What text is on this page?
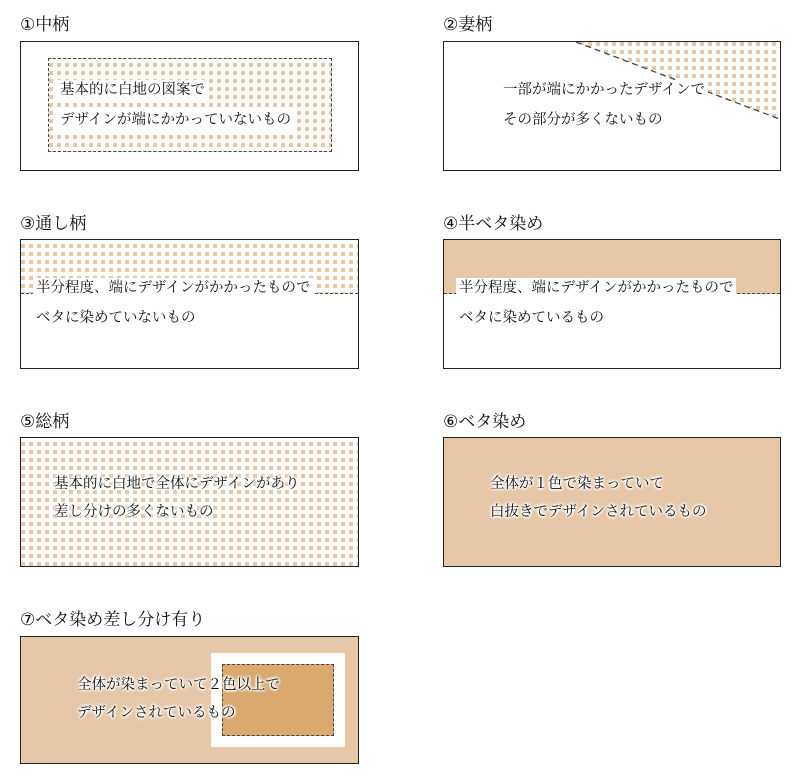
①中柄
基本的に白地の図案で
デザインが端にかかっていないもの
②妻柄
一部が端にかかったデザインで
その部分が多くないもの
③通し柄
半分程度、端にデザインがかかったもので
ベタに染めていないもの
④半ベタ染め
半分程度、端にデザインがかかったもので
ベタに染めているもの
⑤総柄
基本的に白地で全体にデザインがあり
差し分けの多くないもの
⑥ベタ染め
全体が１色で染まっていて
白抜きでデザインされているもの
⑦ベタ染め差し分け有り
全体が染まっていて２色以上で
デザインされているもの
